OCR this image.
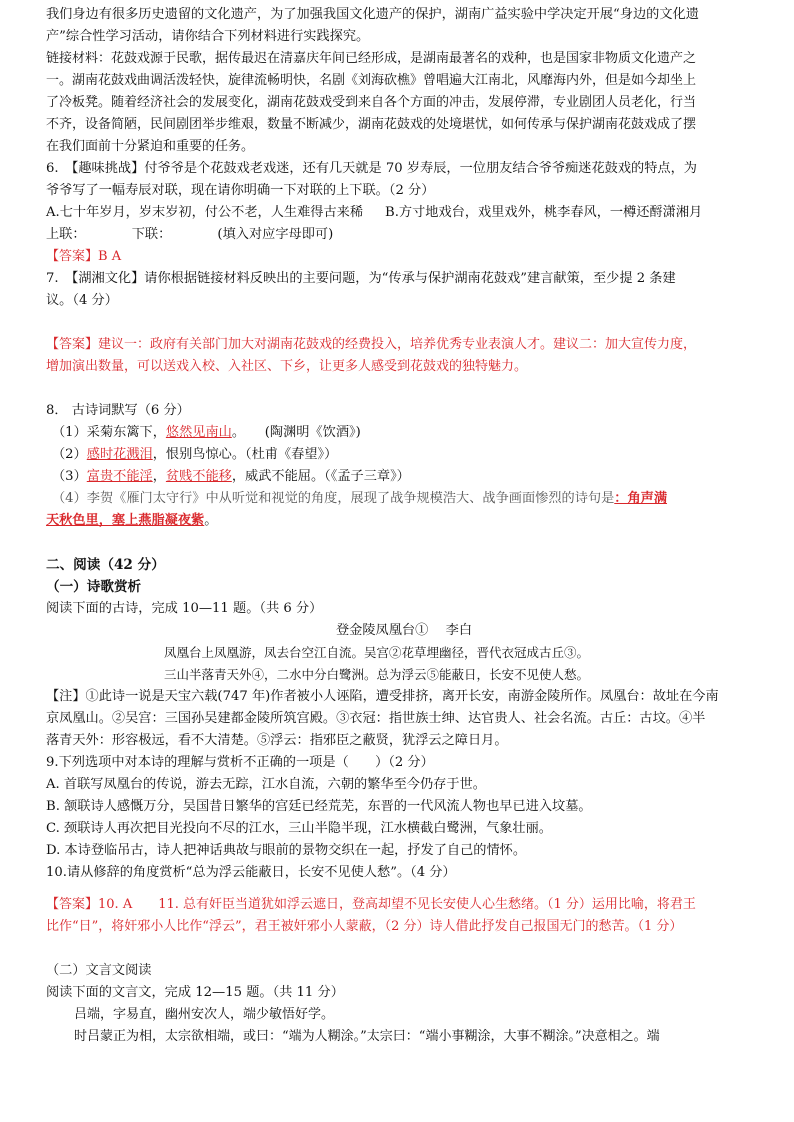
我们身边有很多历史遗留的文化遗产，为了加强我国文化遗产的保护，湖南广益实验中学决定开展“身边的文化遗

产”综合性学习活动，请你结合下列材料进行实践探究。

链接材料：花鼓戏源于民歌，据传最迟在清嘉庆年间已经形成，是湖南最著名的戏种，也是国家非物质文化遗产之

一。湖南花鼓戏曲调活泼轻快，旋律流畅明快，名剧《刘海砍樵》曾唱遍大江南北，风靡海内外，但是如今却坐上

了冷板凳。随着经济社会的发展变化，湖南花鼓戏受到来自各个方面的冲击，发展停滞，专业剧团人员老化，行当

不齐，设备简陋，民间剧团举步维艰，数量不断减少，湖南花鼓戏的处境堪忧，如何传承与保护湖南花鼓戏成了摆

在我们面前十分紧迫和重要的任务。

6.　【趣味挑战】付爷爷是个花鼓戏老戏迷，还有几天就是 70 岁寿辰，一位朋友结合爷爷痴迷花鼓戏的特点，为

爷爷写了一幅寿辰对联，现在请你明确一下对联的上下联。（2 分）

A.七十年岁月，岁末岁初，付公不老，人生难得古来稀 B.方寸地戏台，戏里戏外，桃李春风，一樽还酹潇湘月

上联：　　　　下联：　　　　(填入对应字母即可)

【答案】B A

7.　【湖湘文化】请你根据链接材料反映出的主要问题，为“传承与保护湖南花鼓戏”建言献策，至少提 2 条建

议。（4 分）

【答案】建议一：政府有关部门加大对湖南花鼓戏的经费投入，培养优秀专业表演人才。建议二：加大宣传力度，

增加演出数量，可以送戏入校、入社区、下乡，让更多人感受到花鼓戏的独特魅力。

8． 古诗词默写（6 分）

（1）采菊东篱下，悠然见南山。　　(陶渊明《饮酒》)

（2）感时花溅泪，恨别鸟惊心。（杜甫《春望》）

（3）富贵不能淫，贫贱不能移，威武不能屈。（《孟子三章》）

（4）李贺《雁门太守行》中从听觉和视觉的角度，展现了战争规模浩大、战争画面惨烈的诗句是：角声满

天秋色里，塞上燕脂凝夜紫。

二、阅读（42 分）

（一）诗歌赏析

阅读下面的古诗，完成 10—11 题。（共 6 分）

登金陵凤凰台①　 李白

凤凰台上凤凰游，凤去台空江自流。吴宫②花草埋幽径，晋代衣冠成古丘③。

三山半落青天外④，二水中分白鹭洲。总为浮云⑤能蔽日，长安不见使人愁。

【注】①此诗一说是天宝六载(747 年)作者被小人诬陷，遭受排挤，离开长安，南游金陵所作。凤凰台：故址在今南

京凤凰山。②吴宫：三国孙吴建都金陵所筑宫殿。③衣冠：指世族士绅、达官贵人、社会名流。古丘：古坟。④半

落青天外：形容极远，看不大清楚。⑤浮云：指邪臣之蔽贤，犹浮云之障日月。

9.下列选项中对本诗的理解与赏析不正确的一项是（　　）（2 分）

A. 首联写凤凰台的传说，游去无踪，江水自流，六朝的繁华至今仍存于世。

B. 颔联诗人感慨万分，吴国昔日繁华的宫廷已经荒芜，东晋的一代风流人物也早已进入坟墓。

C. 颈联诗人再次把目光投向不尽的江水，三山半隐半现，江水横截白鹭洲，气象壮丽。

D. 本诗登临吊古，诗人把神话典故与眼前的景物交织在一起，抒发了自己的情怀。

10.请从修辞的角度赏析“总为浮云能蔽日，长安不见使人愁”。（4 分）

【答案】10. A　　11. 总有奸臣当道犹如浮云遮日，登高却望不见长安使人心生愁绪。（1 分）运用比喻，将君王

比作“日”，将奸邪小人比作“浮云”，君王被奸邪小人蒙蔽，（2 分）诗人借此抒发自己报国无门的愁苦。（1 分）

（二）文言文阅读

阅读下面的文言文，完成 12—15 题。（共 11 分）

吕端，字易直，幽州安次人，端少敏悟好学。

时吕蒙正为相，太宗欲相端，或曰：“端为人糊涂。”太宗曰：“端小事糊涂，大事不糊涂。”决意相之。端
